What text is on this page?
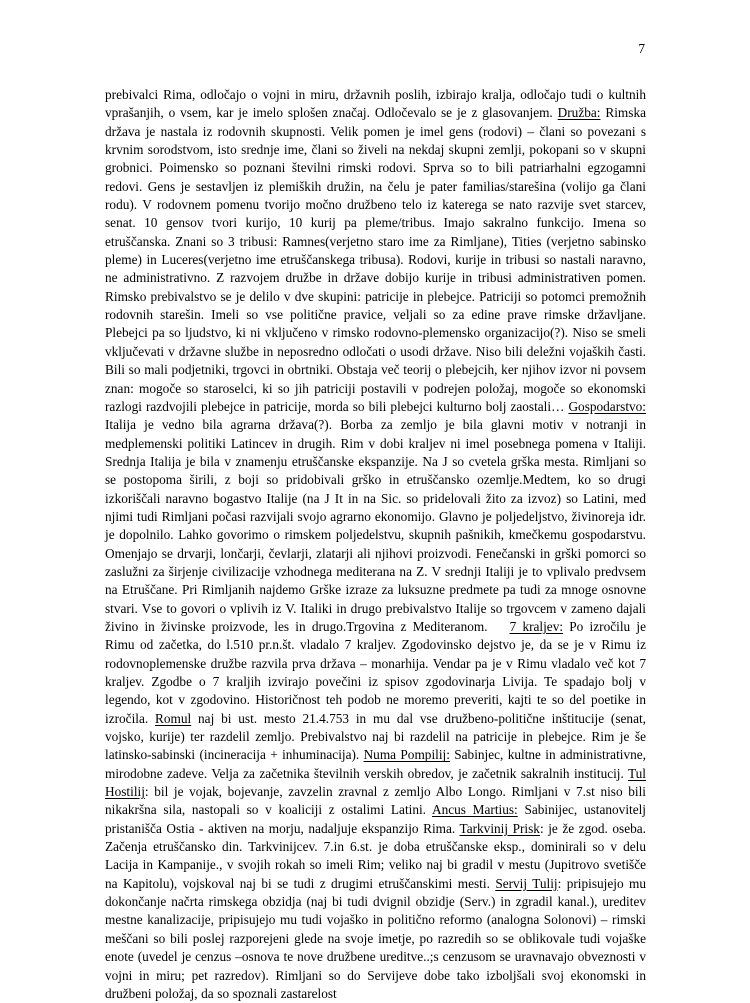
7

prebivalci Rima, odločajo o vojni in miru, državnih poslih, izbirajo kralja, odločajo tudi o kultnih vprašanjih, o vsem, kar je imelo splošen značaj. Odločevalo se je z glasovanjem. Družba: Rimska država je nastala iz rodovnih skupnosti. Velik pomen je imel gens (rodovi) – člani so povezani s krvnim sorodstvom, isto srednje ime, člani so živeli na nekdaj skupni zemlji, pokopani so v skupni grobnici. Poimensko so poznani številni rimski rodovi. Sprva so to bili patriarhalni egzogamni redovi. Gens je sestavljen iz plemiških družin, na čelu je pater familias/starešina (volijo ga člani rodu). V rodovnem pomenu tvorijo močno družbeno telo iz katerega se nato razvije svet starcev, senat. 10 gensov tvori kurijo, 10 kurij pa pleme/tribus. Imajo sakralno funkcijo. Imena so etruščanska. Znani so 3 tribusi: Ramnes(verjetno staro ime za Rimljane), Tities (verjetno sabinsko pleme) in Luceres(verjetno ime etruščanskega tribusa). Rodovi, kurije in tribusi so nastali naravno, ne administrativno. Z razvojem družbe in države dobijo kurije in tribusi administrativen pomen. Rimsko prebivalstvo se je delilo v dve skupini: patricije in plebejce. Patriciji so potomci premožnih rodovnih starešin. Imeli so vse politične pravice, veljali so za edine prave rimske državljane. Plebejci pa so ljudstvo, ki ni vključeno v rimsko rodovno-plemensko organizacijo(?). Niso se smeli vključevati v državne službe in neposredno odločati o usodi države. Niso bili deležni vojaških časti. Bili so mali podjetniki, trgovci in obrtniki. Obstaja več teorij o plebejcih, ker njihov izvor ni povsem znan: mogoče so staroselci, ki so jih patriciji postavili v podrejen položaj, mogoče so ekonomski razlogi razdvojili plebejce in patricije, morda so bili plebejci kulturno bolj zaostali… Gospodarstvo: Italija je vedno bila agrarna država(?). Borba za zemljo je bila glavni motiv v notranji in medplemenski politiki Latincev in drugih. Rim v dobi kraljev ni imel posebnega pomena v Italiji. Srednja Italija je bila v znamenju etruščanske ekspanzije. Na J so cvetela grška mesta. Rimljani so se postopoma širili, z boji so pridobivali grško in etruščansko ozemlje.Medtem, ko so drugi izkoriščali naravno bogastvo Italije (na J It in na Sic. so pridelovali žito za izvoz) so Latini, med njimi tudi Rimljani počasi razvijali svojo agrarno ekonomijo. Glavno je poljedeljstvo, živinoreja idr. je dopolnilo. Lahko govorimo o rimskem poljedelstvu, skupnih pašnikih, kmečkemu gospodarstvu. Omenjajo se drvarji, lončarji, čevlarji, zlatarji ali njihovi proizvodi. Fenečanski in grški pomorci so zaslužni za širjenje civilizacije vzhodnega mediterana na Z. V srednji Italiji je to vplivalo predvsem na Etruščane. Pri Rimljanih najdemo Grške izraze za luksuzne predmete pa tudi za mnoge osnovne stvari. Vse to govori o vplivih iz V. Italiki in drugo prebivalstvo Italije so trgovcem v zameno dajali živino in živinske proizvode, les in drugo.Trgovina z Mediteranom. 7 kraljev: Po izročilu je Rimu od začetka, do l.510 pr.n.št. vladalo 7 kraljev. Zgodovinsko dejstvo je, da se je v Rimu iz rodovnoplemenske družbe razvila prva država – monarhija. Vendar pa je v Rimu vladalo več kot 7 kraljev. Zgodbe o 7 kraljih izvirajo povečini iz spisov zgodovinarja Livija. Te spadajo bolj v legendo, kot v zgodovino. Historičnost teh podob ne moremo preveriti, kajti te so del poetike in izročila. Romul naj bi ust. mesto 21.4.753 in mu dal vse družbeno-politične inštitucije (senat, vojsko, kurije) ter razdelil zemljo. Prebivalstvo naj bi razdelil na patricije in plebejce. Rim je še latinsko-sabinski (incineracija + inhuminacija). Numa Pompilij: Sabinjec, kultne in administrativne, mirodobne zadeve. Velja za začetnika številnih verskih obredov, je začetnik sakralnih institucij. Tul Hostilij: bil je vojak, bojevanje, zavzelin zravnal z zemljo Albo Longo. Rimljani v 7.st niso bili nikakršna sila, nastopali so v koaliciji z ostalimi Latini. Ancus Martius: Sabinijec, ustanovitelj pristanišča Ostia - aktiven na morju, nadaljuje ekspanzijo Rima. Tarkvinij Prisk: je že zgod. oseba. Začenja etruščansko din. Tarkvinijcev. 7.in 6.st. je doba etruščanske eksp., dominirali so v delu Lacija in Kampanije., v svojih rokah so imeli Rim; veliko naj bi gradil v mestu (Jupitrovo svetišče na Kapitolu), vojskoval naj bi se tudi z drugimi etruščanskimi mesti. Servij Tulij: pripisujejo mu dokončanje načrta rimskega obzidja (naj bi tudi dvignil obzidje (Serv.) in zgradil kanal.), ureditev mestne kanalizacije, pripisujejo mu tudi vojaško in politično reformo (analogna Solonovi) – rimski meščani so bili poslej razporejeni glede na svoje imetje, po razredih so se oblikovale tudi vojaške enote (uvedel je cenzus –osnova te nove družbene ureditve..;s cenzusom se uravnavajo obveznosti v vojni in miru; pet razredov). Rimljani so do Servijeve dobe tako izboljšali svoj ekonomski in družbeni položaj, da so spoznali zastarelost
